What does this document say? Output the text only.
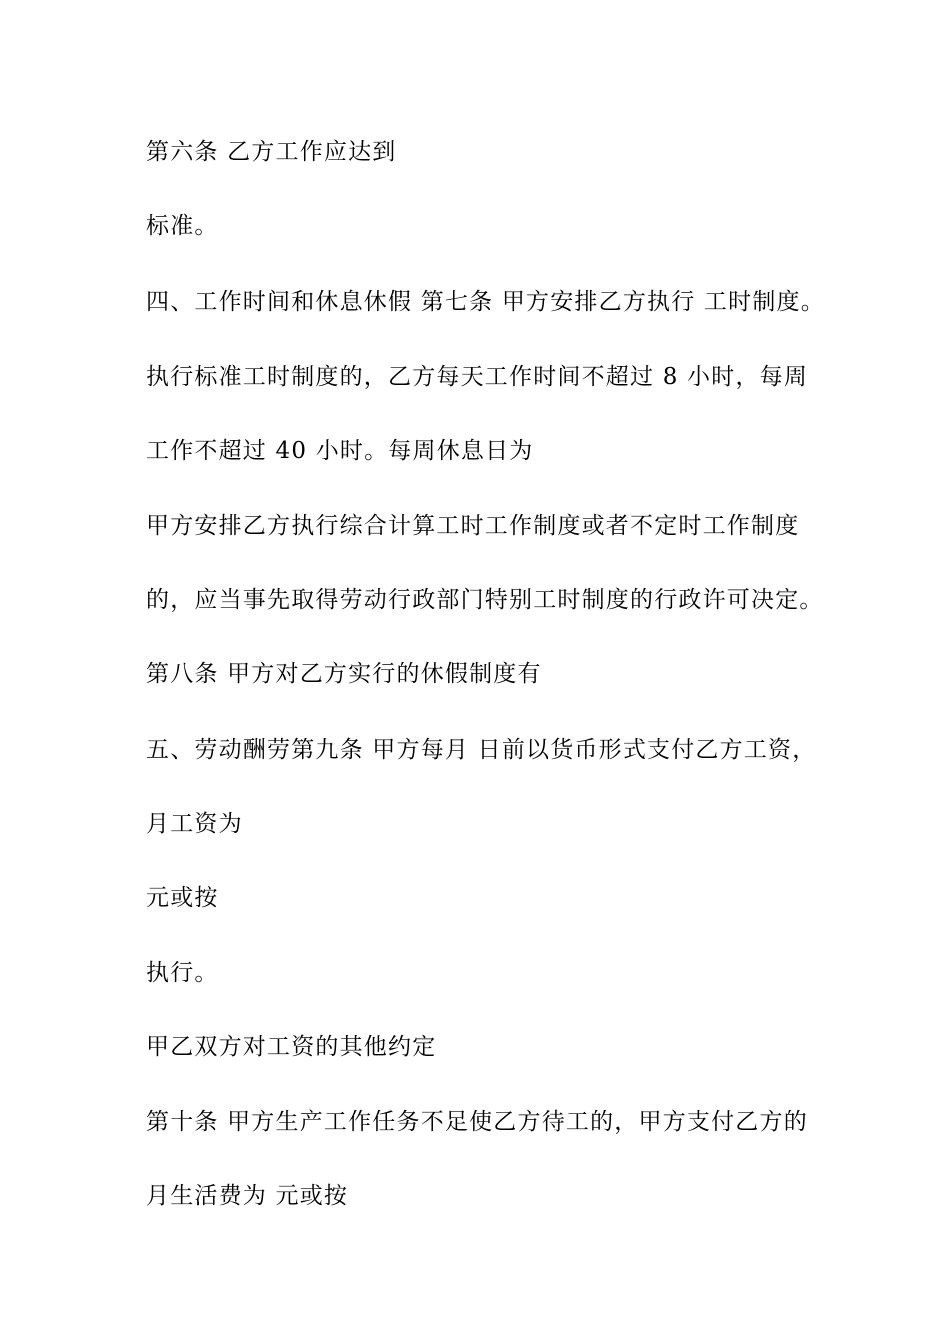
第六条 乙方工作应达到
标准。
四、工作时间和休息休假 第七条 甲方安排乙方执行 工时制度。
执行标准工时制度的，乙方每天工作时间不超过 8 小时，每周
工作不超过 40 小时。每周休息日为
甲方安排乙方执行综合计算工时工作制度或者不定时工作制度
的，应当事先取得劳动行政部门特别工时制度的行政许可决定。
第八条 甲方对乙方实行的休假制度有
五、劳动酬劳第九条 甲方每月 日前以货币形式支付乙方工资，
月工资为
元或按
执行。
甲乙双方对工资的其他约定
第十条 甲方生产工作任务不足使乙方待工的，甲方支付乙方的
月生活费为 元或按
